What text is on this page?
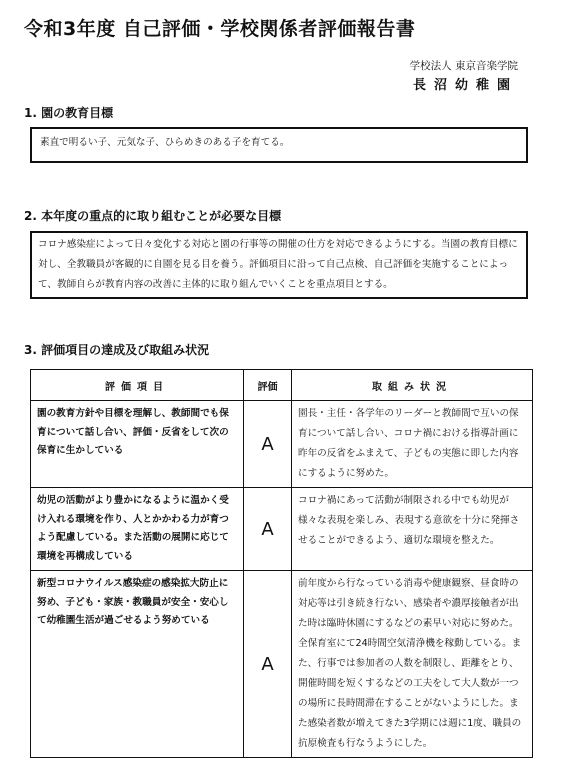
令和3年度 自己評価・学校関係者評価報告書
学校法人 東京音楽学院
長沼幼稚園
1. 園の教育目標
素直で明るい子、元気な子、ひらめきのある子を育てる。
2. 本年度の重点的に取り組むことが必要な目標
コロナ感染症によって日々変化する対応と園の行事等の開催の仕方を対応できるようにする。当園の教育目標に対し、全教職員が客観的に自園を見る目を養う。評価項目に沿って自己点検、自己評価を実施することによって、教師自らが教育内容の改善に主体的に取り組んでいくことを重点項目とする。
3. 評価項目の達成及び取組み状況
評価項目	評価	取組み状況
園の教育方針や目標を理解し、教師間でも保育について話し合い、評価・反省をして次の保育に生かしている	A	園長・主任・各学年のリーダーと教師間で互いの保育について話し合い、コロナ禍における指導計画に昨年の反省をふまえて、子どもの実態に即した内容にするように努めた。
幼児の活動がより豊かになるように温かく受け入れる環境を作り、人とかかわる力が育つよう配慮している。また活動の展開に応じて環境を再構成している	A	コロナ禍にあって活動が制限される中でも幼児が様々な表現を楽しみ、表現する意欲を十分に発揮させることができるよう、適切な環境を整えた。
新型コロナウイルス感染症の感染拡大防止に努め、子ども・家族・教職員が安全・安心して幼稚園生活が過ごせるよう努めている	A	前年度から行なっている消毒や健康観察、昼食時の対応等は引き続き行ない、感染者や濃厚接触者が出た時は臨時休園にするなどの素早い対応に努めた。全保育室にて24時間空気清浄機を稼動している。また、行事では参加者の人数を制限し、距離をとり、開催時間を短くするなどの工夫をして大人数が一つの場所に長時間滞在することがないようにした。また感染者数が増えてきた3学期には週に1度、職員の抗原検査も行なうようにした。
